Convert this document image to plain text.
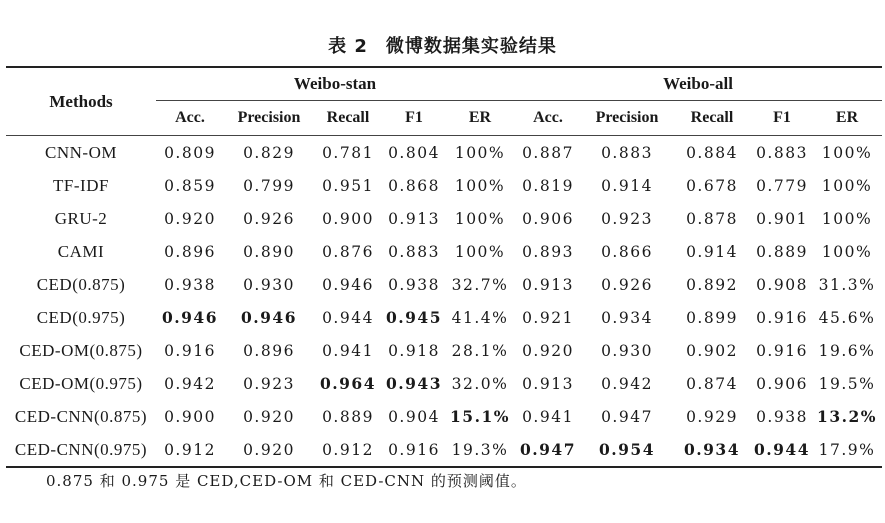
表 2 微博数据集实验结果
Methods	Weibo-stan					Weibo-all				
	Acc.	Precision	Recall	F1	ER	Acc.	Precision	Recall	F1	ER
CNN-OM	0.809	0.829	0.781	0.804	100%	0.887	0.883	0.884	0.883	100%
TF-IDF	0.859	0.799	0.951	0.868	100%	0.819	0.914	0.678	0.779	100%
GRU-2	0.920	0.926	0.900	0.913	100%	0.906	0.923	0.878	0.901	100%
CAMI	0.896	0.890	0.876	0.883	100%	0.893	0.866	0.914	0.889	100%
CED(0.875)	0.938	0.930	0.946	0.938	32.7%	0.913	0.926	0.892	0.908	31.3%
CED(0.975)	0.946	0.946	0.944	0.945	41.4%	0.921	0.934	0.899	0.916	45.6%
CED-OM(0.875)	0.916	0.896	0.941	0.918	28.1%	0.920	0.930	0.902	0.916	19.6%
CED-OM(0.975)	0.942	0.923	0.964	0.943	32.0%	0.913	0.942	0.874	0.906	19.5%
CED-CNN(0.875)	0.900	0.920	0.889	0.904	15.1%	0.941	0.947	0.929	0.938	13.2%
CED-CNN(0.975)	0.912	0.920	0.912	0.916	19.3%	0.947	0.954	0.934	0.944	17.9%
0.875 和 0.975 是 CED,CED-OM 和 CED-CNN 的预测阈值。
